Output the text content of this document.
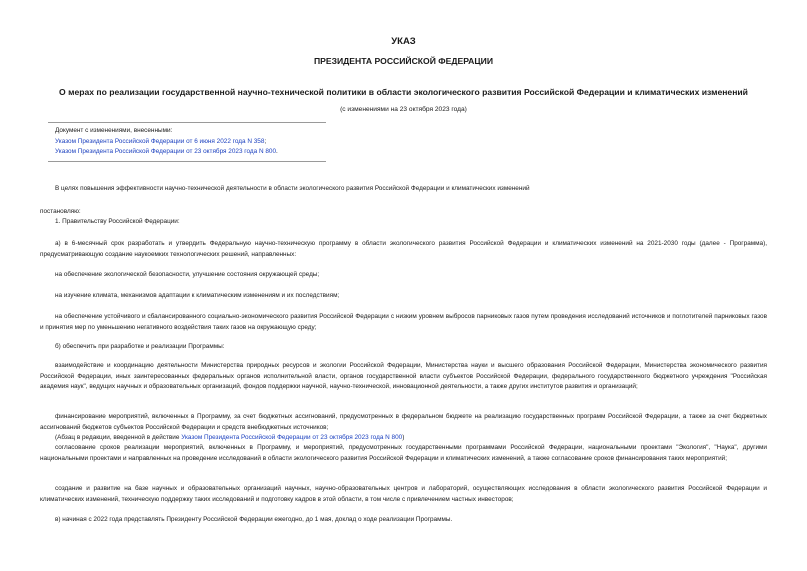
УКАЗ
ПРЕЗИДЕНТА РОССИЙСКОЙ ФЕДЕРАЦИИ
О мерах по реализации государственной научно-технической политики в области экологического развития Российской Федерации и климатических изменений
(с изменениями на 23 октября 2023 года)
Документ с изменениями, внесенными:
Указом Президента Российской Федерации от 6 июня 2022 года N 358;
Указом Президента Российской Федерации от 23 октября 2023 года N 800.
В целях повышения эффективности научно-технической деятельности в области экологического развития Российской Федерации и климатических изменений
постановляю:
1. Правительству Российской Федерации:
а) в 6-месячный срок разработать и утвердить Федеральную научно-техническую программу в области экологического развития Российской Федерации и климатических изменений на 2021-2030 годы (далее - Программа), предусматривающую создание наукоемких технологических решений, направленных:
на обеспечение экологической безопасности, улучшение состояния окружающей среды;
на изучение климата, механизмов адаптации к климатическим изменениям и их последствиям;
на обеспечение устойчивого и сбалансированного социально-экономического развития Российской Федерации с низким уровнем выбросов парниковых газов путем проведения исследований источников и поглотителей парниковых газов и принятия мер по уменьшению негативного воздействия таких газов на окружающую среду;
б) обеспечить при разработке и реализации Программы:
взаимодействие и координацию деятельности Министерства природных ресурсов и экологии Российской Федерации, Министерства науки и высшего образования Российской Федерации, Министерства экономического развития Российской Федерации, иных заинтересованных федеральных органов исполнительной власти, органов государственной власти субъектов Российской Федерации, федерального государственного бюджетного учреждения "Российская академия наук", ведущих научных и образовательных организаций, фондов поддержки научной, научно-технической, инновационной деятельности, а также других институтов развития и организаций;
финансирование мероприятий, включенных в Программу, за счет бюджетных ассигнований, предусмотренных в федеральном бюджете на реализацию государственных программ Российской Федерации, а также за счет бюджетных ассигнований бюджетов субъектов Российской Федерации и средств внебюджетных источников;
(Абзац в редакции, введенной в действие Указом Президента Российской Федерации от 23 октября 2023 года N 800)
согласование сроков реализации мероприятий, включенных в Программу, и мероприятий, предусмотренных государственными программами Российской Федерации, национальными проектами "Экология", "Наука", другими национальными проектами и направленных на проведение исследований в области экологического развития Российской Федерации и климатических изменений, а также согласование сроков финансирования таких мероприятий;
создание и развитие на базе научных и образовательных организаций научных, научно-образовательных центров и лабораторий, осуществляющих исследования в области экологического развития Российской Федерации и климатических изменений, техническую поддержку таких исследований и подготовку кадров в этой области, в том числе с привлечением частных инвесторов;
в) начиная с 2022 года представлять Президенту Российской Федерации ежегодно, до 1 мая, доклад о ходе реализации Программы.
